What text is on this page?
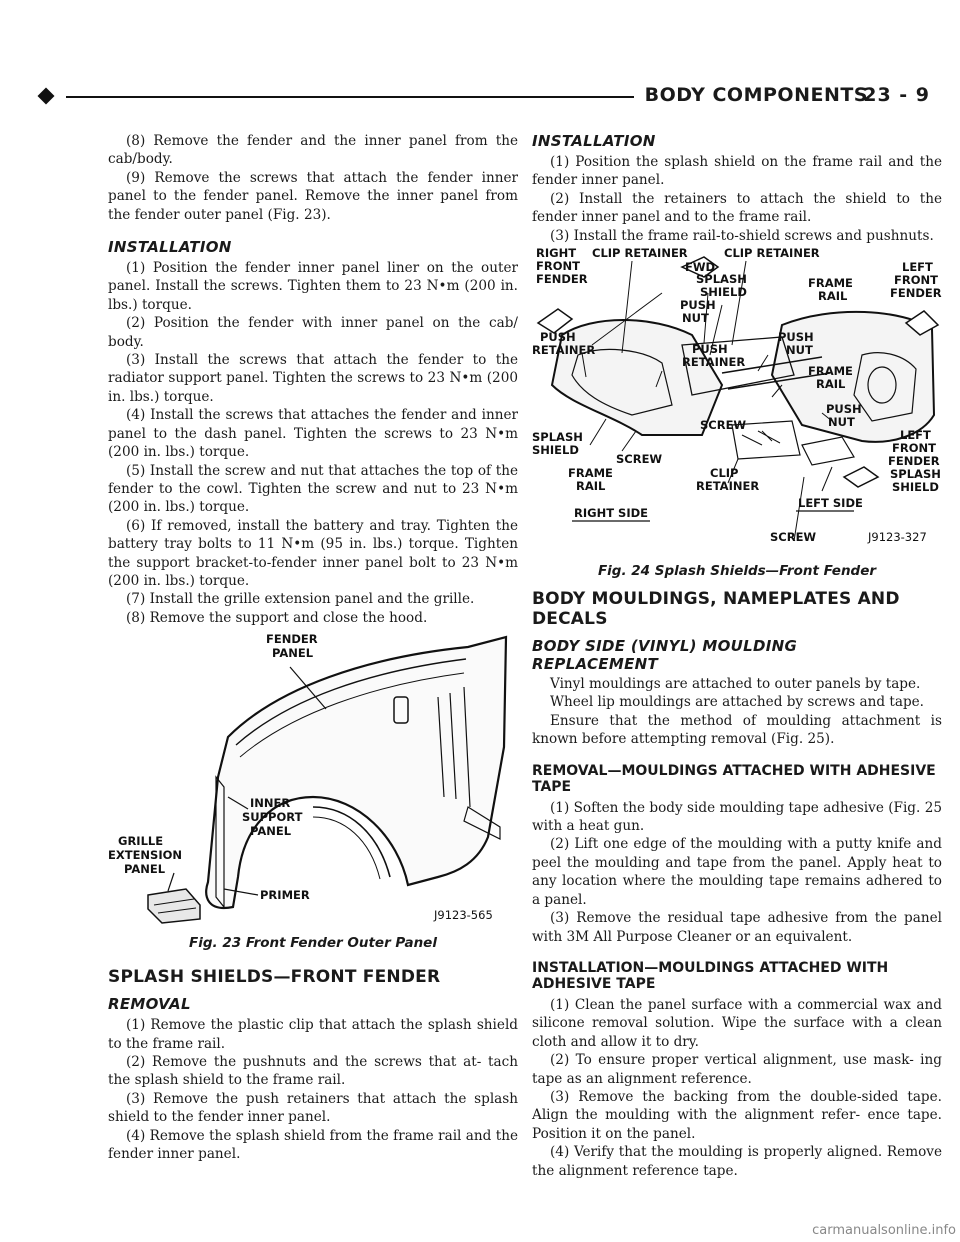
BODY COMPONENTS
23 - 9

(8) Remove the fender and the inner panel from the cab/body.

(9) Remove the screws that attach the fender inner panel to the fender panel. Remove the inner panel from the fender outer panel (Fig. 23).

INSTALLATION

(1) Position the fender inner panel liner on the outer panel. Install the screws. Tighten them to 23 N•m (200 in. lbs.) torque.

(2) Position the fender with inner panel on the cab/ body.

(3) Install the screws that attach the fender to the radiator support panel. Tighten the screws to 23 N•m (200 in. lbs.) torque.

(4) Install the screws that attaches the fender and inner panel to the dash panel. Tighten the screws to 23 N•m (200 in. lbs.) torque.

(5) Install the screw and nut that attaches the top of the fender to the cowl. Tighten the screw and nut to 23 N•m (200 in. lbs.) torque.

(6) If removed, install the battery and tray. Tighten the battery tray bolts to 11 N•m (95 in. lbs.) torque. Tighten the support bracket-to-fender inner panel bolt to 23 N•m (200 in. lbs.) torque.

(7) Install the grille extension panel and the grille.

(8) Remove the support and close the hood.

FENDER
PANEL
INNER
SUPPORT
PANEL
GRILLE
EXTENSION
PANEL
PRIMER
J9123-565
Fig. 23 Front Fender Outer Panel
SPLASH SHIELDS—FRONT FENDER
REMOVAL

(1) Remove the plastic clip that attach the splash shield to the frame rail.

(2) Remove the pushnuts and the screws that at- tach the splash shield to the frame rail.

(3) Remove the push retainers that attach the splash shield to the fender inner panel.

(4) Remove the splash shield from the frame rail and the fender inner panel.

INSTALLATION

(1) Position the splash shield on the frame rail and the fender inner panel.

(2) Install the retainers to attach the shield to the fender inner panel and to the frame rail.

(3) Install the frame rail-to-shield screws and pushnuts.

FWD
RIGHT
FRONT
FENDER
CLIP RETAINER	CLIP RETAINER
LEFT
FRONT
FENDER
SPLASH
SHIELD
FRAME
RAIL
PUSH
NUT
PUSH
RETAINER	PUSH
RETAINER
PUSH
NUT
FRAME
RAIL
PUSH
NUT
SPLASH
SHIELD
SCREW
SCREW
LEFT
FRONT
FENDER
SPLASH
SHIELD
FRAME
RAIL
CLIP
RETAINER
LEFT SIDE
RIGHT SIDE
SCREW	J9123-327
Fig. 24 Splash Shields—Front Fender
BODY MOULDINGS, NAMEPLATES AND DECALS
BODY SIDE (VINYL) MOULDING
REPLACEMENT

Vinyl mouldings are attached to outer panels by tape.

Wheel lip mouldings are attached by screws and tape.

Ensure that the method of moulding attachment is known before attempting removal (Fig. 25).

REMOVAL—MOULDINGS ATTACHED WITH ADHESIVE TAPE

(1) Soften the body side moulding tape adhesive (Fig. 25 with a heat gun.

(2) Lift one edge of the moulding with a putty knife and peel the moulding and tape from the panel. Apply heat to any location where the moulding tape remains adhered to a panel.

(3) Remove the residual tape adhesive from the panel with 3M All Purpose Cleaner or an equivalent.

INSTALLATION—MOULDINGS ATTACHED WITH ADHESIVE TAPE

(1) Clean the panel surface with a commercial wax and silicone removal solution. Wipe the surface with a clean cloth and allow it to dry.

(2) To ensure proper vertical alignment, use mask- ing tape as an alignment reference.

(3) Remove the backing from the double-sided tape. Align the moulding with the alignment refer- ence tape. Position it on the panel.

(4) Verify that the moulding is properly aligned. Remove the alignment reference tape.

carmanualsonline.info
